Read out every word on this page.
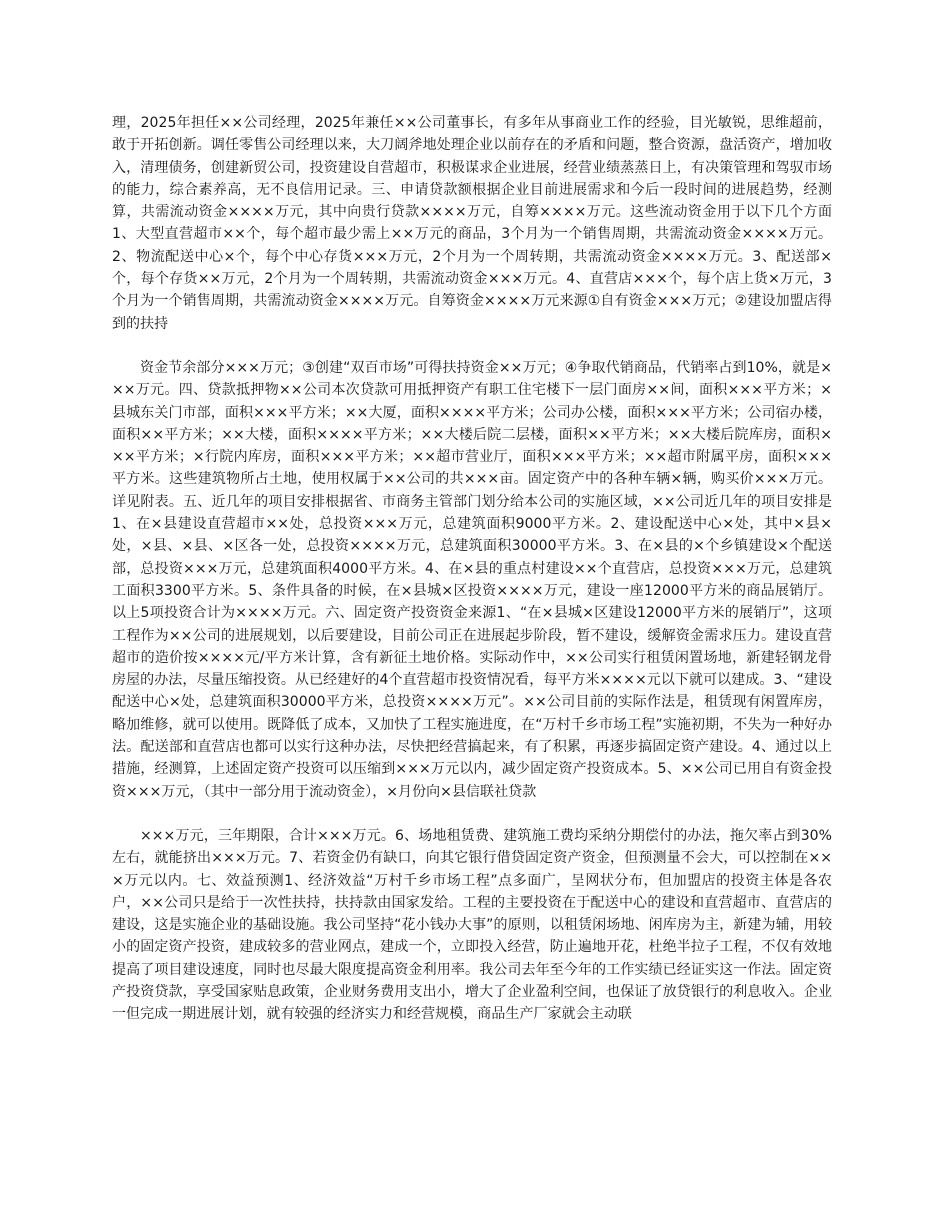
理，2025年担任××公司经理，2025年兼任××公司董事长，有多年从事商业工作的经验，目光敏锐，思维超前，敢于开拓创新。调任零售公司经理以来，大刀阔斧地处理企业以前存在的矛盾和问题，整合资源，盘活资产，增加收入，清理债务，创建新贸公司，投资建设自营超市，积极谋求企业进展，经营业绩蒸蒸日上，有决策管理和驾驭市场的能力，综合素养高，无不良信用记录。三、申请贷款额根据企业目前进展需求和今后一段时间的进展趋势，经测算，共需流动资金××××万元，其中向贵行贷款××××万元，自筹××××万元。这些流动资金用于以下几个方面1、大型直营超市××个，每个超市最少需上××万元的商品，3个月为一个销售周期，共需流动资金××××万元。2、物流配送中心×个，每个中心存货×××万元，2个月为一个周转期，共需流动资金××××万元。3、配送部×个，每个存货××万元，2个月为一个周转期，共需流动资金×××万元。4、直营店×××个，每个店上货×万元，3个月为一个销售周期，共需流动资金××××万元。自筹资金××××万元来源①自有资金×××万元；②建设加盟店得到的扶持

资金节余部分×××万元；③创建“双百市场”可得扶持资金××万元；④争取代销商品，代销率占到10%，就是×××万元。四、贷款抵押物××公司本次贷款可用抵押资产有职工住宅楼下一层门面房××间，面积×××平方米；×县城东关门市部，面积×××平方米；××大厦，面积××××平方米；公司办公楼，面积×××平方米；公司宿办楼，面积××平方米；××大楼，面积××××平方米；××大楼后院二层楼，面积××平方米；××大楼后院库房，面积×××平方米；×行院内库房，面积×××平方米；××超市营业厅，面积×××平方米；××超市附属平房，面积×××平方米。这些建筑物所占土地，使用权属于××公司的共×××亩。固定资产中的各种车辆×辆，购买价×××万元。详见附表。五、近几年的项目安排根据省、市商务主管部门划分给本公司的实施区域，××公司近几年的项目安排是1、在×县建设直营超市××处，总投资×××万元，总建筑面积9000平方米。2、建设配送中心×处，其中×县×处，×县、×县、×区各一处，总投资××××万元，总建筑面积30000平方米。3、在×县的×个乡镇建设×个配送部，总投资×××万元，总建筑面积4000平方米。4、在×县的重点村建设××个直营店，总投资×××万元，总建筑工面积3300平方米。5、条件具备的时候，在×县城×区投资××××万元，建设一座12000平方米的商品展销厅。以上5项投资合计为××××万元。六、固定资产投资资金来源1、“在×县城×区建设12000平方米的展销厅”，这项工程作为××公司的进展规划，以后要建设，目前公司正在进展起步阶段，暂不建设，缓解资金需求压力。建设直营超市的造价按××××元/平方米计算，含有新征土地价格。实际动作中，××公司实行租赁闲置场地，新建轻钢龙骨房屋的办法，尽量压缩投资。从已经建好的4个直营超市投资情况看，每平方米××××元以下就可以建成。3、“建设配送中心×处，总建筑面积30000平方米，总投资××××万元”。××公司目前的实际作法是，租赁现有闲置库房，略加维修，就可以使用。既降低了成本，又加快了工程实施进度，在“万村千乡市场工程”实施初期，不失为一种好办法。配送部和直营店也都可以实行这种办法，尽快把经营搞起来，有了积累，再逐步搞固定资产建设。4、通过以上措施，经测算，上述固定资产投资可以压缩到×××万元以内，减少固定资产投资成本。5、××公司已用自有资金投资×××万元，（其中一部分用于流动资金），×月份向×县信联社贷款

×××万元，三年期限，合计×××万元。6、场地租赁费、建筑施工费均采纳分期偿付的办法，拖欠率占到30%左右，就能挤出×××万元。7、若资金仍有缺口，向其它银行借贷固定资产资金，但预测量不会大，可以控制在×××万元以内。七、效益预测1、经济效益“万村千乡市场工程”点多面广，呈网状分布，但加盟店的投资主体是各农户，××公司只是给于一次性扶持，扶持款由国家发给。工程的主要投资在于配送中心的建设和直营超市、直营店的建设，这是实施企业的基础设施。我公司坚持“花小钱办大事”的原则，以租赁闲场地、闲库房为主，新建为辅，用较小的固定资产投资，建成较多的营业网点，建成一个，立即投入经营，防止遍地开花，杜绝半拉子工程，不仅有效地提高了项目建设速度，同时也尽最大限度提高资金利用率。我公司去年至今年的工作实绩已经证实这一作法。固定资产投资贷款，享受国家贴息政策，企业财务费用支出小，增大了企业盈利空间，也保证了放贷银行的利息收入。企业一但完成一期进展计划，就有较强的经济实力和经营规模，商品生产厂家就会主动联
